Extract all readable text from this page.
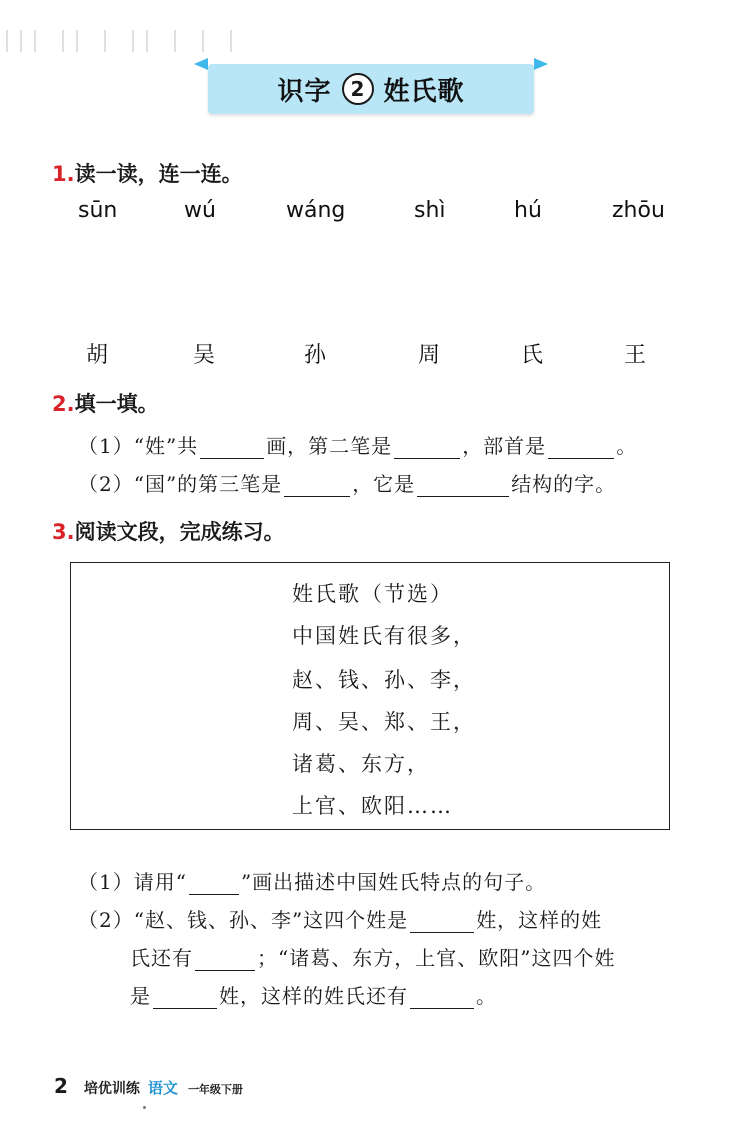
识字 2 姓氏歌
1.读一读，连一连。
sūn	wú	wáng	shì	hú	zhōu
胡	吴	孙	周	氏	王
2.填一填。
（1）“姓”共	画，第二笔是	，部首是	。
（2）“国”的第三笔是	，它是	结构的字。
3.阅读文段，完成练习。
姓氏歌（节选）
中国姓氏有很多，
赵、钱、孙、李，
周、吴、郑、王，
诸葛、东方，
上官、欧阳……
（1）请用“	”画出描述中国姓氏特点的句子。
（2）“赵、钱、孙、李”这四个姓是	姓，这样的姓
氏还有	；“诸葛、东方，上官、欧阳”这四个姓
是	姓，这样的姓氏还有	。
2 培优训练 语文 一年级下册
